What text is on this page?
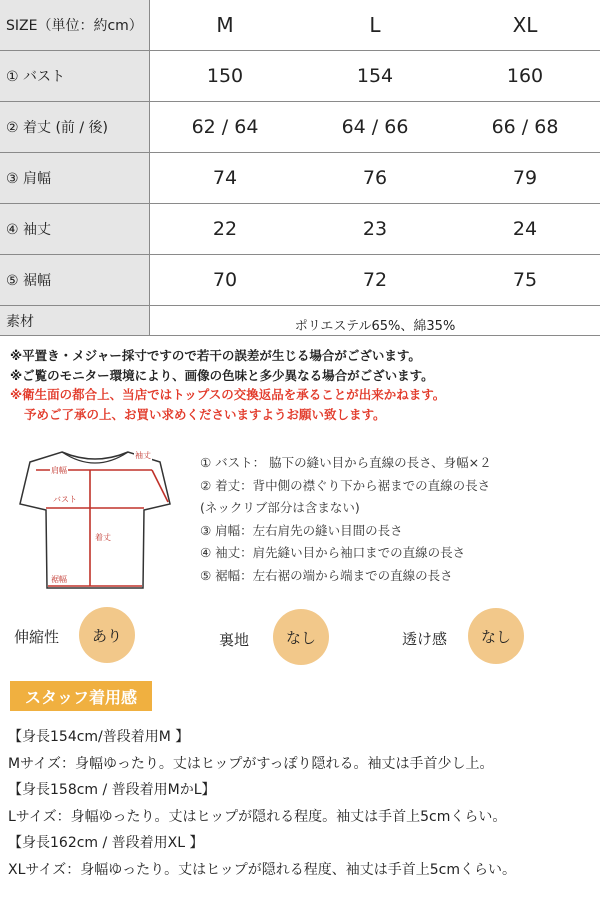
SIZE（単位：約cm）	M	L	XL
① バスト	150	154	160
② 着丈 (前 / 後)	62 / 64	64 / 66	66 / 68
③ 肩幅	74	76	79
④ 袖丈	22	23	24
⑤ 裾幅	70	72	75
素材	ポリエステル65%、綿35%
※平置き・メジャー採寸ですので若干の誤差が生じる場合がございます。
※ご覧のモニター環境により、画像の色味と多少異なる場合がございます。
※衛生面の都合上、当店ではトップスの交換返品を承ることが出来かねます。
予めご了承の上、お買い求めくださいますようお願い致します。
肩幅
袖丈
バスト
着丈
裾幅
① バスト： 脇下の縫い目から直線の長さ、身幅×２
② 着丈：背中側の襟ぐり下から裾までの直線の長さ
(ネックリブ部分は含まない)
③ 肩幅：左右肩先の縫い目間の長さ
④ 袖丈：肩先縫い目から袖口までの直線の長さ
⑤ 裾幅：左右裾の端から端までの直線の長さ
伸縮性	あり	裏地	なし	透け感	なし
スタッフ着用感
【身長154cm/普段着用M 】
Mサイズ：身幅ゆったり。丈はヒップがすっぽり隠れる。袖丈は手首少し上。
【身長158cm / 普段着用MかL】
Lサイズ：身幅ゆったり。丈はヒップが隠れる程度。袖丈は手首上5cmくらい。
【身長162cm / 普段着用XL 】
XLサイズ：身幅ゆったり。丈はヒップが隠れる程度、袖丈は手首上5cmくらい。
